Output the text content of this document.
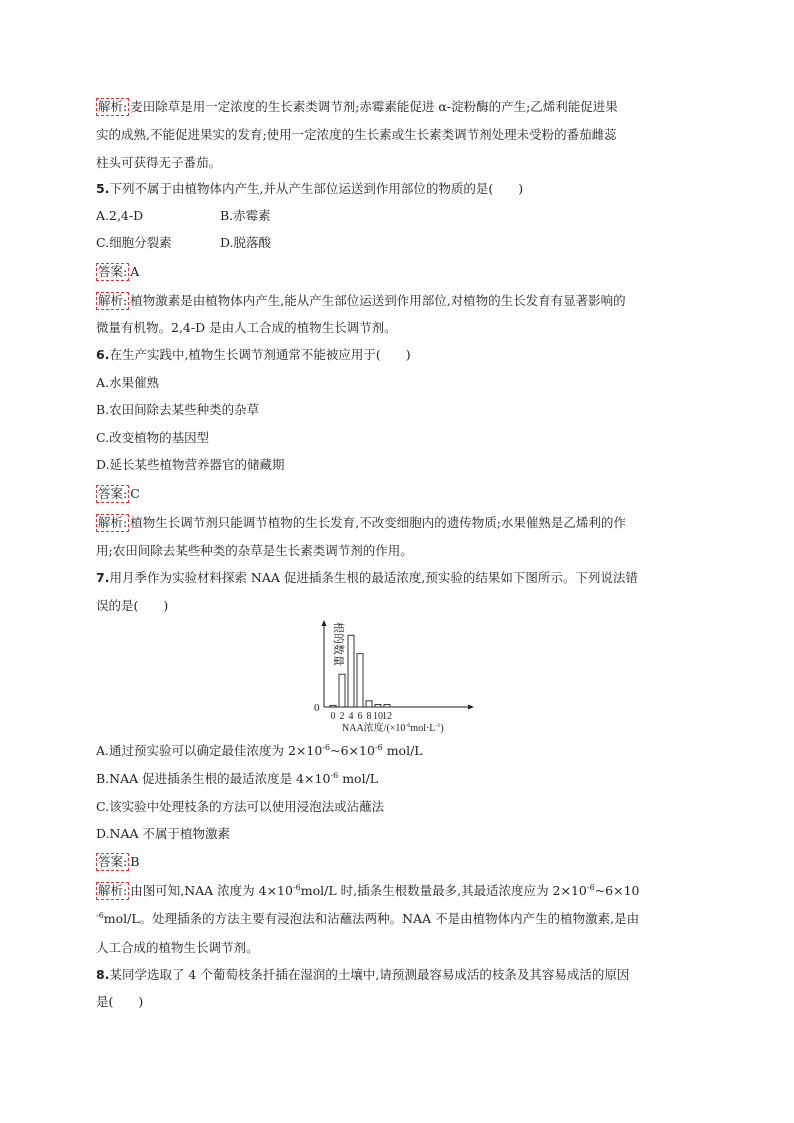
解析: 麦田除草是用一定浓度的生长素类调节剂;赤霉素能促进 α-淀粉酶的产生;乙烯利能促进果
实的成熟,不能促进果实的发育;使用一定浓度的生长素或生长素类调节剂处理未受粉的番茄雌蕊
柱头可获得无子番茄。
5.下列不属于由植物体内产生,并从产生部位运送到作用部位的物质的是(　　)
A.2,4-D	B.赤霉素
C.细胞分裂素	D.脱落酸
答案: A
解析: 植物激素是由植物体内产生,能从产生部位运送到作用部位,对植物的生长发育有显著影响的
微量有机物。2,4-D 是由人工合成的植物生长调节剂。
6.在生产实践中,植物生长调节剂通常不能被应用于(　　)
A.水果催熟
B.农田间除去某些种类的杂草
C.改变植物的基因型
D.延长某些植物营养器官的储藏期
答案: C
解析: 植物生长调节剂只能调节植物的生长发育,不改变细胞内的遗传物质;水果催熟是乙烯利的作
用;农田间除去某些种类的杂草是生长素类调节剂的作用。
7.用月季作为实验材料探索 NAA 促进插条生根的最适浓度,预实验的结果如下图所示。下列说法错
误的是(　　)
根的数量
0
0 2 4 6 8 10 12
NAA浓度$/(\times 10^{-6}mol\cdot L^{-1})$
A.通过预实验可以确定最佳浓度为 $2\times 10^{-6}\sim 6\times 10^{-6}$ mol/L
B.NAA 促进插条生根的最适浓度是 $4\times 10^{-6}$ mol/L
C.该实验中处理枝条的方法可以使用浸泡法或沾蘸法
D.NAA 不属于植物激素
答案: B
解析: 由图可知,NAA 浓度为 $4\times 10^{-6}mol/L$ 时,插条生根数量最多,其最适浓度应为 $2\times 10^{-6}\sim 6\times 10$
$^{-6}$mol/L。处理插条的方法主要有浸泡法和沾蘸法两种。NAA 不是由植物体内产生的植物激素,是由
人工合成的植物生长调节剂。
8.某同学选取了 4 个葡萄枝条扦插在湿润的土壤中,请预测最容易成活的枝条及其容易成活的原因
是(　　)
